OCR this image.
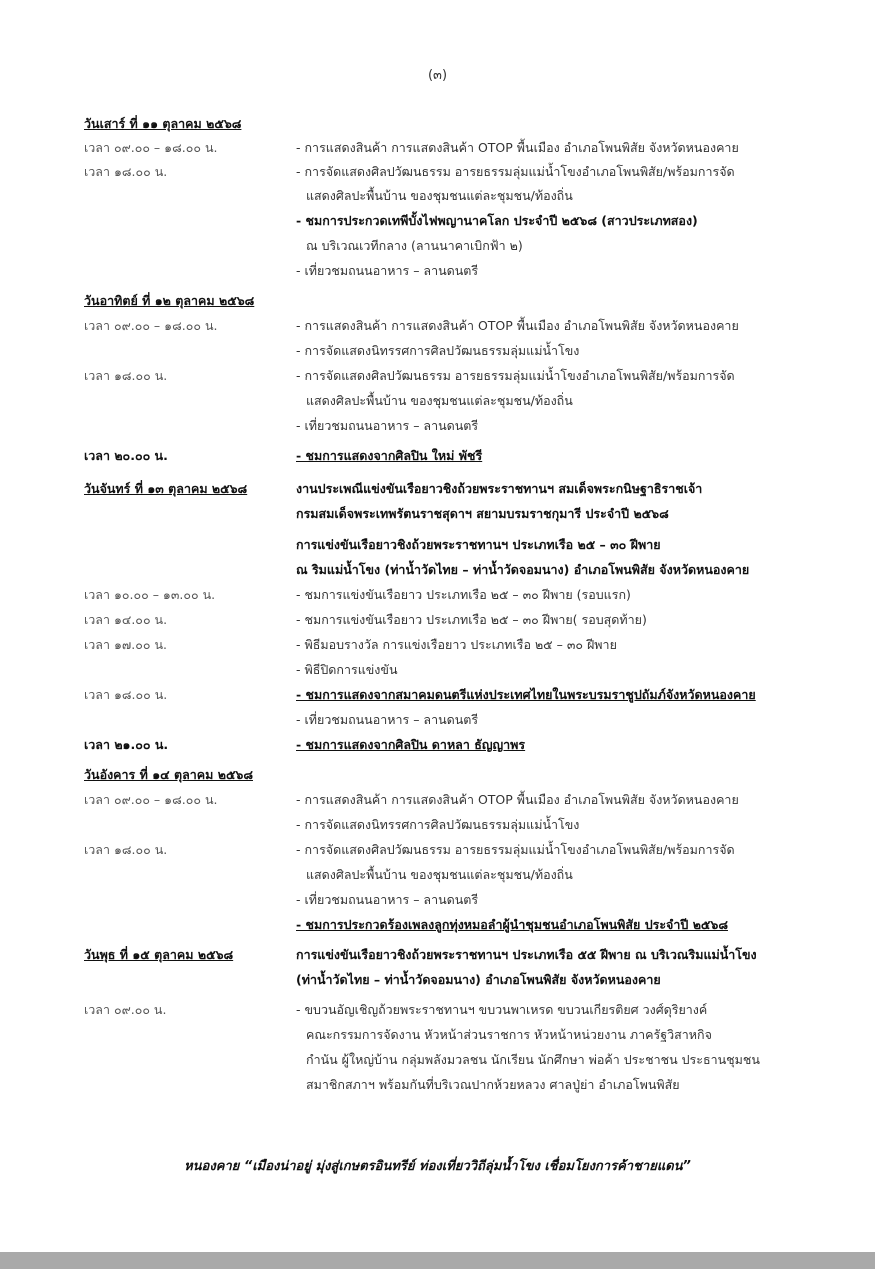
(๓)
วันเสาร์ ที่ ๑๑ ตุลาคม ๒๕๖๘
เวลา ๐๙.๐๐ – ๑๘.๐๐ น.	- การแสดงสินค้า การแสดงสินค้า OTOP พื้นเมือง อำเภอโพนพิสัย จังหวัดหนองคาย
เวลา ๑๘.๐๐ น.	- การจัดแสดงศิลปวัฒนธรรม อารยธรรมลุ่มแม่น้ำโขงอำเภอโพนพิสัย/พร้อมการจัด
แสดงศิลปะพื้นบ้าน ของชุมชนแต่ละชุมชน/ท้องถิ่น
- ชมการประกวดเทพีบั้งไฟพญานาคโลก ประจำปี ๒๕๖๘ (สาวประเภทสอง)
ณ บริเวณเวทีกลาง (ลานนาคาเบิกฟ้า ๒)
- เที่ยวชมถนนอาหาร – ลานดนตรี
วันอาทิตย์ ที่ ๑๒ ตุลาคม ๒๕๖๘
เวลา ๐๙.๐๐ – ๑๘.๐๐ น.	- การแสดงสินค้า การแสดงสินค้า OTOP พื้นเมือง อำเภอโพนพิสัย จังหวัดหนองคาย
- การจัดแสดงนิทรรศการศิลปวัฒนธรรมลุ่มแม่น้ำโขง
เวลา ๑๘.๐๐ น.	- การจัดแสดงศิลปวัฒนธรรม อารยธรรมลุ่มแม่น้ำโขงอำเภอโพนพิสัย/พร้อมการจัด
แสดงศิลปะพื้นบ้าน ของชุมชนแต่ละชุมชน/ท้องถิ่น
- เที่ยวชมถนนอาหาร – ลานดนตรี
เวลา ๒๐.๐๐ น.	- ชมการแสดงจากศิลปิน ใหม่ พัชรี
วันจันทร์ ที่ ๑๓ ตุลาคม ๒๕๖๘	งานประเพณีแข่งขันเรือยาวชิงถ้วยพระราชทานฯ สมเด็จพระกนิษฐาธิราชเจ้า
กรมสมเด็จพระเทพรัตนราชสุดาฯ สยามบรมราชกุมารี ประจำปี ๒๕๖๘
การแข่งขันเรือยาวชิงถ้วยพระราชทานฯ ประเภทเรือ ๒๕ – ๓๐ ฝีพาย
ณ ริมแม่น้ำโขง (ท่าน้ำวัดไทย – ท่าน้ำวัดจอมนาง) อำเภอโพนพิสัย จังหวัดหนองคาย
เวลา ๑๐.๐๐ – ๑๓.๐๐ น.	- ชมการแข่งขันเรือยาว ประเภทเรือ ๒๕ – ๓๐ ฝีพาย (รอบแรก)
เวลา ๑๔.๐๐ น.	- ชมการแข่งขันเรือยาว ประเภทเรือ ๒๕ – ๓๐ ฝีพาย( รอบสุดท้าย)
เวลา ๑๗.๐๐ น.	- พิธีมอบรางวัล การแข่งเรือยาว ประเภทเรือ ๒๕ – ๓๐ ฝีพาย
- พิธีปิดการแข่งขัน
เวลา ๑๘.๐๐ น.	- ชมการแสดงจากสมาคมดนตรีแห่งประเทศไทยในพระบรมราชูปถัมภ์จังหวัดหนองคาย
- เที่ยวชมถนนอาหาร – ลานดนตรี
เวลา ๒๑.๐๐ น.	- ชมการแสดงจากศิลปิน ดาหลา ธัญญาพร
วันอังคาร ที่ ๑๔ ตุลาคม ๒๕๖๘
เวลา ๐๙.๐๐ – ๑๘.๐๐ น.	- การแสดงสินค้า การแสดงสินค้า OTOP พื้นเมือง อำเภอโพนพิสัย จังหวัดหนองคาย
- การจัดแสดงนิทรรศการศิลปวัฒนธรรมลุ่มแม่น้ำโขง
เวลา ๑๘.๐๐ น.	- การจัดแสดงศิลปวัฒนธรรม อารยธรรมลุ่มแม่น้ำโขงอำเภอโพนพิสัย/พร้อมการจัด
แสดงศิลปะพื้นบ้าน ของชุมชนแต่ละชุมชน/ท้องถิ่น
- เที่ยวชมถนนอาหาร – ลานดนตรี
- ชมการประกวดร้องเพลงลูกทุ่งหมอลำผู้นำชุมชนอำเภอโพนพิสัย ประจำปี ๒๕๖๘
วันพุธ ที่ ๑๕ ตุลาคม ๒๕๖๘	การแข่งขันเรือยาวชิงถ้วยพระราชทานฯ ประเภทเรือ ๕๕ ฝีพาย ณ บริเวณริมแม่น้ำโขง
(ท่าน้ำวัดไทย – ท่าน้ำวัดจอมนาง) อำเภอโพนพิสัย จังหวัดหนองคาย
เวลา ๐๙.๐๐ น.	- ขบวนอัญเชิญถ้วยพระราชทานฯ ขบวนพาเหรด ขบวนเกียรติยศ วงศ์ดุริยางค์
คณะกรรมการจัดงาน หัวหน้าส่วนราชการ หัวหน้าหน่วยงาน ภาครัฐวิสาหกิจ
กำนัน ผู้ใหญ่บ้าน กลุ่มพลังมวลชน นักเรียน นักศึกษา พ่อค้า ประชาชน ประธานชุมชน
สมาชิกสภาฯ พร้อมกันที่บริเวณปากห้วยหลวง ศาลปู่ย่า อำเภอโพนพิสัย
หนองคาย “เมืองน่าอยู่ มุ่งสู่เกษตรอินทรีย์ ท่องเที่ยววิถีลุ่มน้ำโขง เชื่อมโยงการค้าชายแดน”
